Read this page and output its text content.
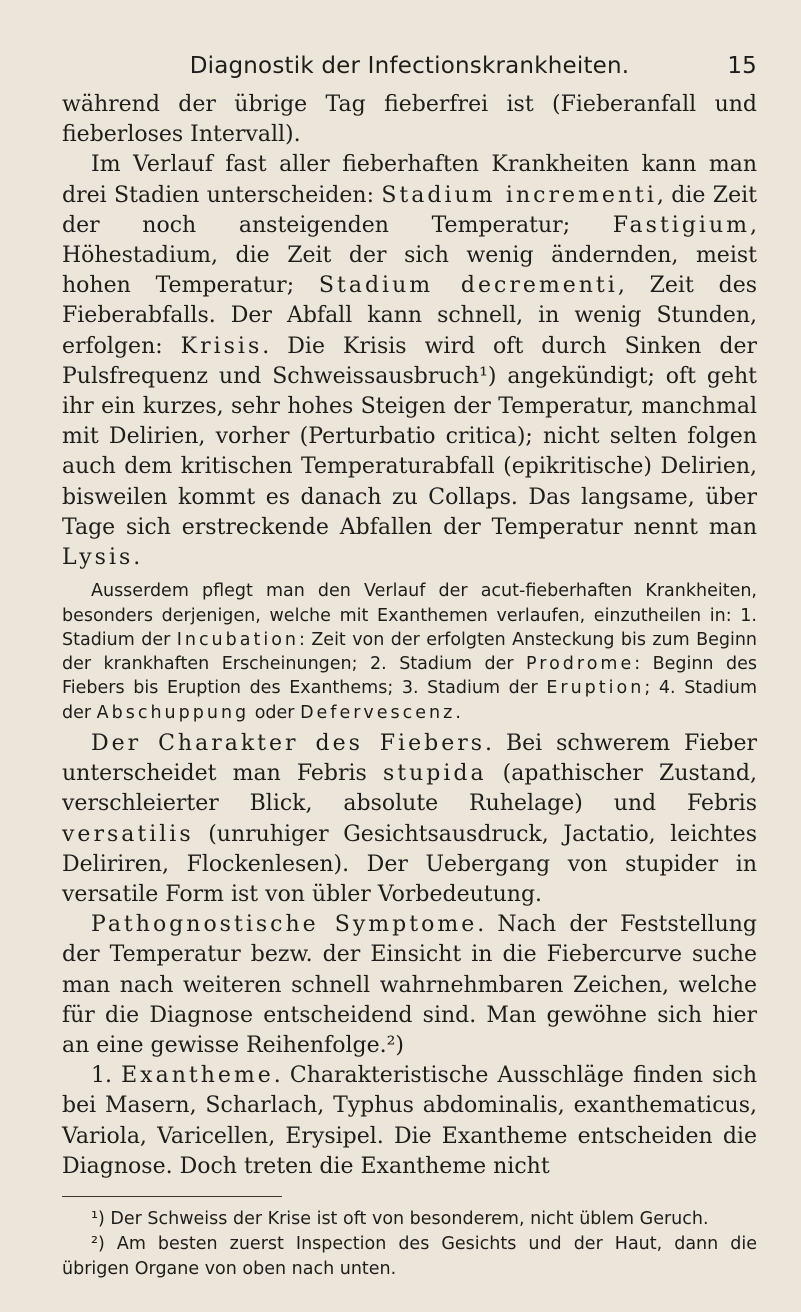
Diagnostik der Infectionskrankheiten.	15

während der übrige Tag fieberfrei ist (Fieberanfall und fieberloses Intervall).

Im Verlauf fast aller fieberhaften Krankheiten kann man drei Stadien unterscheiden: Stadium incrementi, die Zeit der noch ansteigenden Temperatur; Fastigium, Höhestadium, die Zeit der sich wenig ändernden, meist hohen Temperatur; Stadium decrementi, Zeit des Fieberabfalls. Der Abfall kann schnell, in wenig Stunden, erfolgen: Krisis. Die Krisis wird oft durch Sinken der Pulsfrequenz und Schweissausbruch¹) angekündigt; oft geht ihr ein kurzes, sehr hohes Steigen der Temperatur, manchmal mit Delirien, vorher (Perturbatio critica); nicht selten folgen auch dem kritischen Temperaturabfall (epikritische) Delirien, bisweilen kommt es danach zu Collaps. Das langsame, über Tage sich erstreckende Abfallen der Temperatur nennt man Lysis.

Ausserdem pflegt man den Verlauf der acut-fieberhaften Krankheiten, besonders derjenigen, welche mit Exanthemen verlaufen, einzutheilen in: 1. Stadium der Incubation: Zeit von der erfolgten Ansteckung bis zum Beginn der krankhaften Erscheinungen; 2. Stadium der Prodrome: Beginn des Fiebers bis Eruption des Exanthems; 3. Stadium der Eruption; 4. Stadium der Abschuppung oder Defervescenz.

Der Charakter des Fiebers. Bei schwerem Fieber unterscheidet man Febris stupida (apathischer Zustand, verschleierter Blick, absolute Ruhelage) und Febris versatilis (unruhiger Gesichtsausdruck, Jactatio, leichtes Deliriren, Flockenlesen). Der Uebergang von stupider in versatile Form ist von übler Vorbedeutung.

Pathognostische Symptome. Nach der Feststellung der Temperatur bezw. der Einsicht in die Fiebercurve suche man nach weiteren schnell wahrnehmbaren Zeichen, welche für die Diagnose entscheidend sind. Man gewöhne sich hier an eine gewisse Reihenfolge.²)

1. Exantheme. Charakteristische Ausschläge finden sich bei Masern, Scharlach, Typhus abdominalis, exanthematicus, Variola, Varicellen, Erysipel. Die Exantheme entscheiden die Diagnose. Doch treten die Exantheme nicht

¹) Der Schweiss der Krise ist oft von besonderem, nicht üblem Geruch.

²) Am besten zuerst Inspection des Gesichts und der Haut, dann die übrigen Organe von oben nach unten.
